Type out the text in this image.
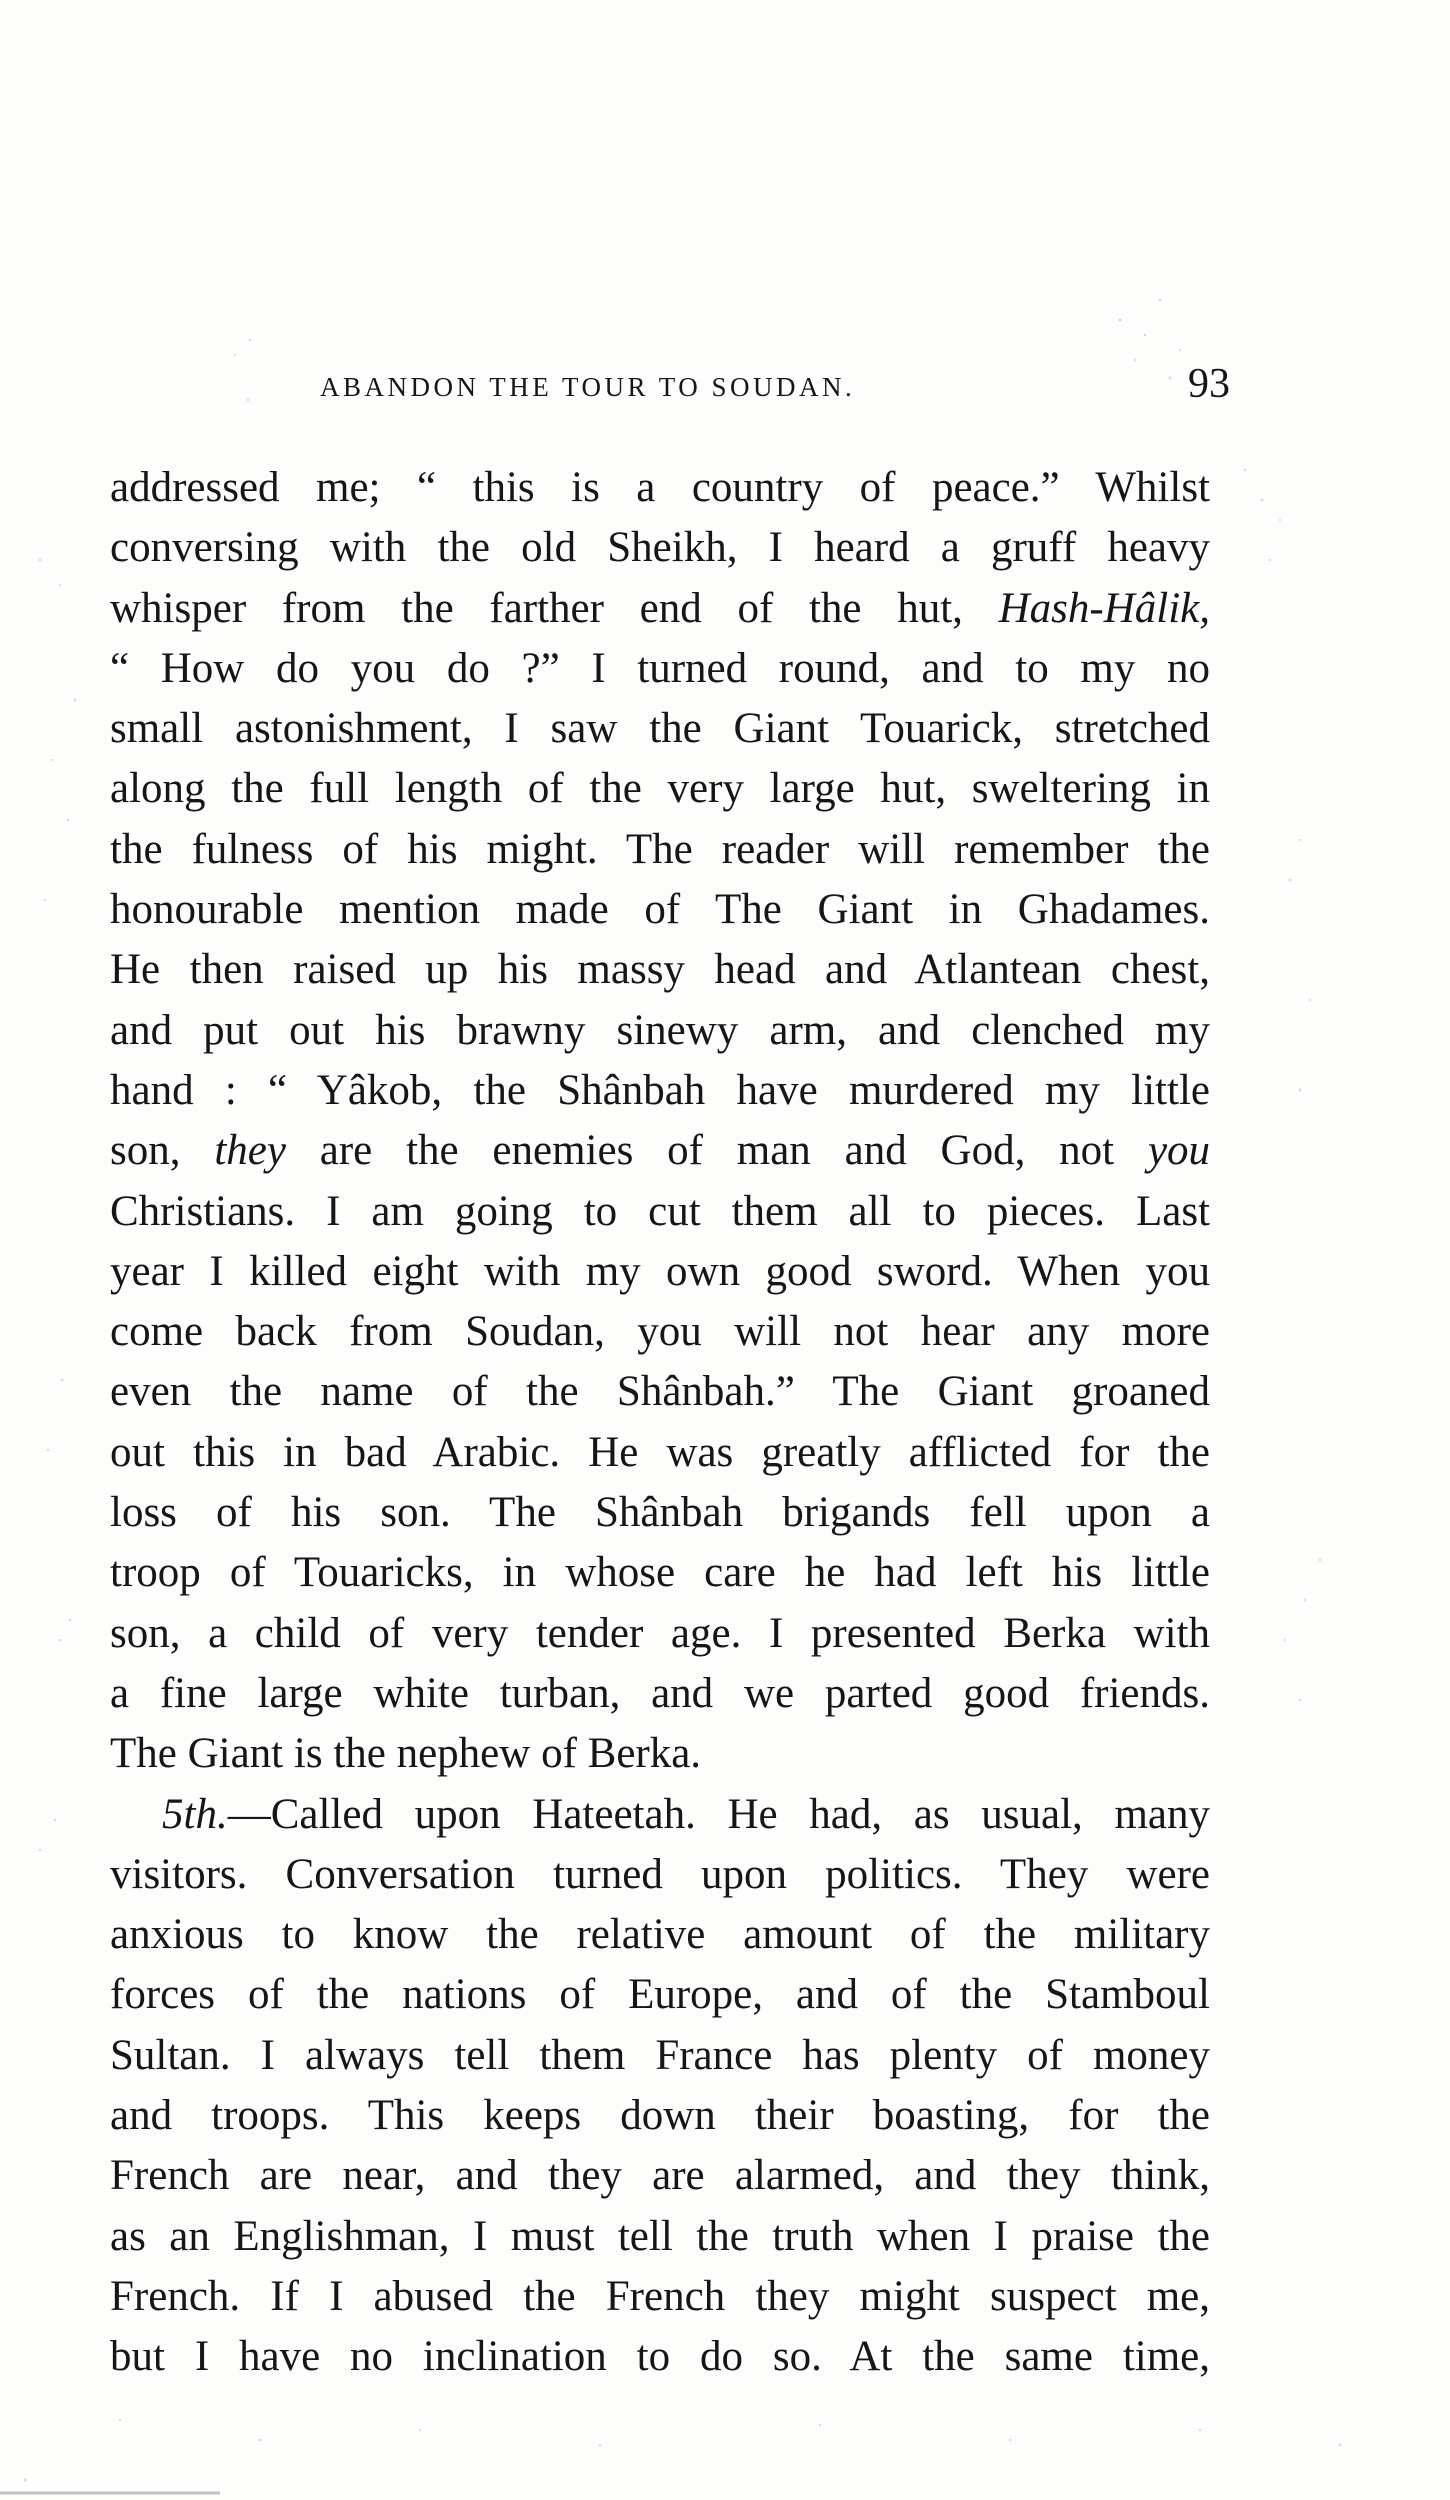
ABANDON THE TOUR TO SOUDAN.	93
addressed me; “ this is a country of peace.” Whilst
conversing with the old Sheikh, I heard a gruff heavy
whisper from the farther end of the hut, Hash-Hâlik,
“ How do you do ?” I turned round, and to my no
small astonishment, I saw the Giant Touarick, stretched
along the full length of the very large hut, sweltering in
the fulness of his might. The reader will remember the
honourable mention made of The Giant in Ghadames.
He then raised up his massy head and Atlantean chest,
and put out his brawny sinewy arm, and clenched my
hand : “ Yâkob, the Shânbah have murdered my little
son, they are the enemies of man and God, not you
Christians. I am going to cut them all to pieces. Last
year I killed eight with my own good sword. When you
come back from Soudan, you will not hear any more
even the name of the Shânbah.” The Giant groaned
out this in bad Arabic. He was greatly afflicted for the
loss of his son. The Shânbah brigands fell upon a
troop of Touaricks, in whose care he had left his little
son, a child of very tender age. I presented Berka with
a fine large white turban, and we parted good friends.
The Giant is the nephew of Berka.
5th.—Called upon Hateetah. He had, as usual, many
visitors. Conversation turned upon politics. They were
anxious to know the relative amount of the military
forces of the nations of Europe, and of the Stamboul
Sultan. I always tell them France has plenty of money
and troops. This keeps down their boasting, for the
French are near, and they are alarmed, and they think,
as an Englishman, I must tell the truth when I praise the
French. If I abused the French they might suspect me,
but I have no inclination to do so. At the same time,
